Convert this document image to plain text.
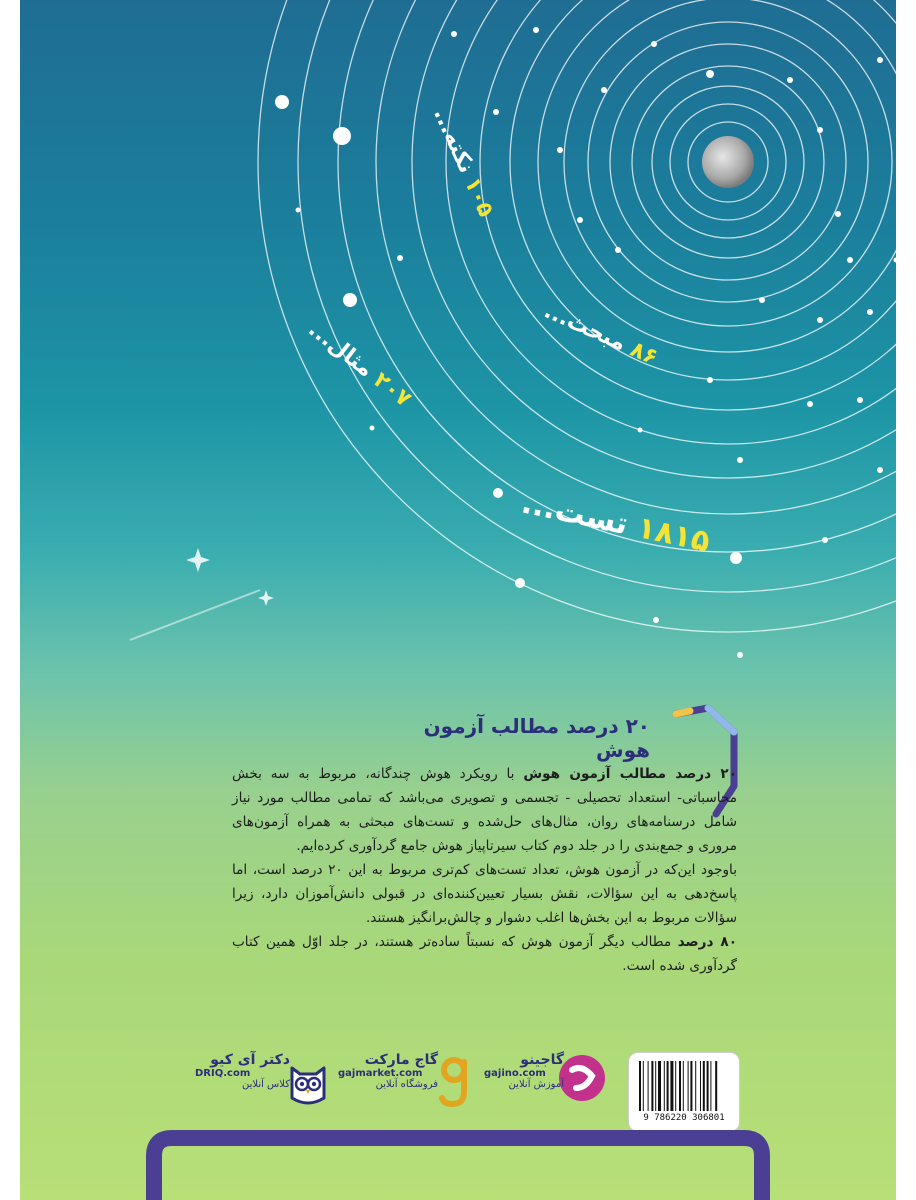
۱۰۵ نکته...
۸۶ مبحث...
۲۰۷ مثال...
۱۸۱۵ تست...
۲۰ درصد مطالب آزمون هوش

۲۰ درصد مطالب آزمون هوش با رویکرد هوش چندگانه، مربوط به سه بخش محاسباتی- استعداد تحصیلی - تجسمی و تصویری می‌باشد که تمامی مطالب مورد نیاز شامل درسنامه‌های روان، مثال‌های حل‌شده و تست‌های مبحثی به همراه آزمون‌های مروری و جمع‌بندی را در جلد دوم کتاب سیرتاپیاز هوش جامع گردآوری کرده‌ایم.

باوجود این‌که در آزمون هوش، تعداد تست‌های کم‌تری مربوط به این ۲۰ درصد است، اما پاسخ‌دهی به این سؤالات، نقش بسیار تعیین‌کننده‌ای در قبولی دانش‌آموزان دارد، زیرا سؤالات مربوط به این بخش‌ها اغلب دشوار و چالش‌برانگیز هستند.

۸۰ درصد مطالب دیگر آزمون هوش که نسبتاً ساده‌تر هستند، در جلد اوّل همین کتاب گردآوری شده است.

دکتر آی کیو
DRIQ.com
کلاس آنلاین
گاج مارکت
gajmarket.com
فروشگاه آنلاین
گاجینو
gajino.com
آموزش آنلاین
9 786220 306801
